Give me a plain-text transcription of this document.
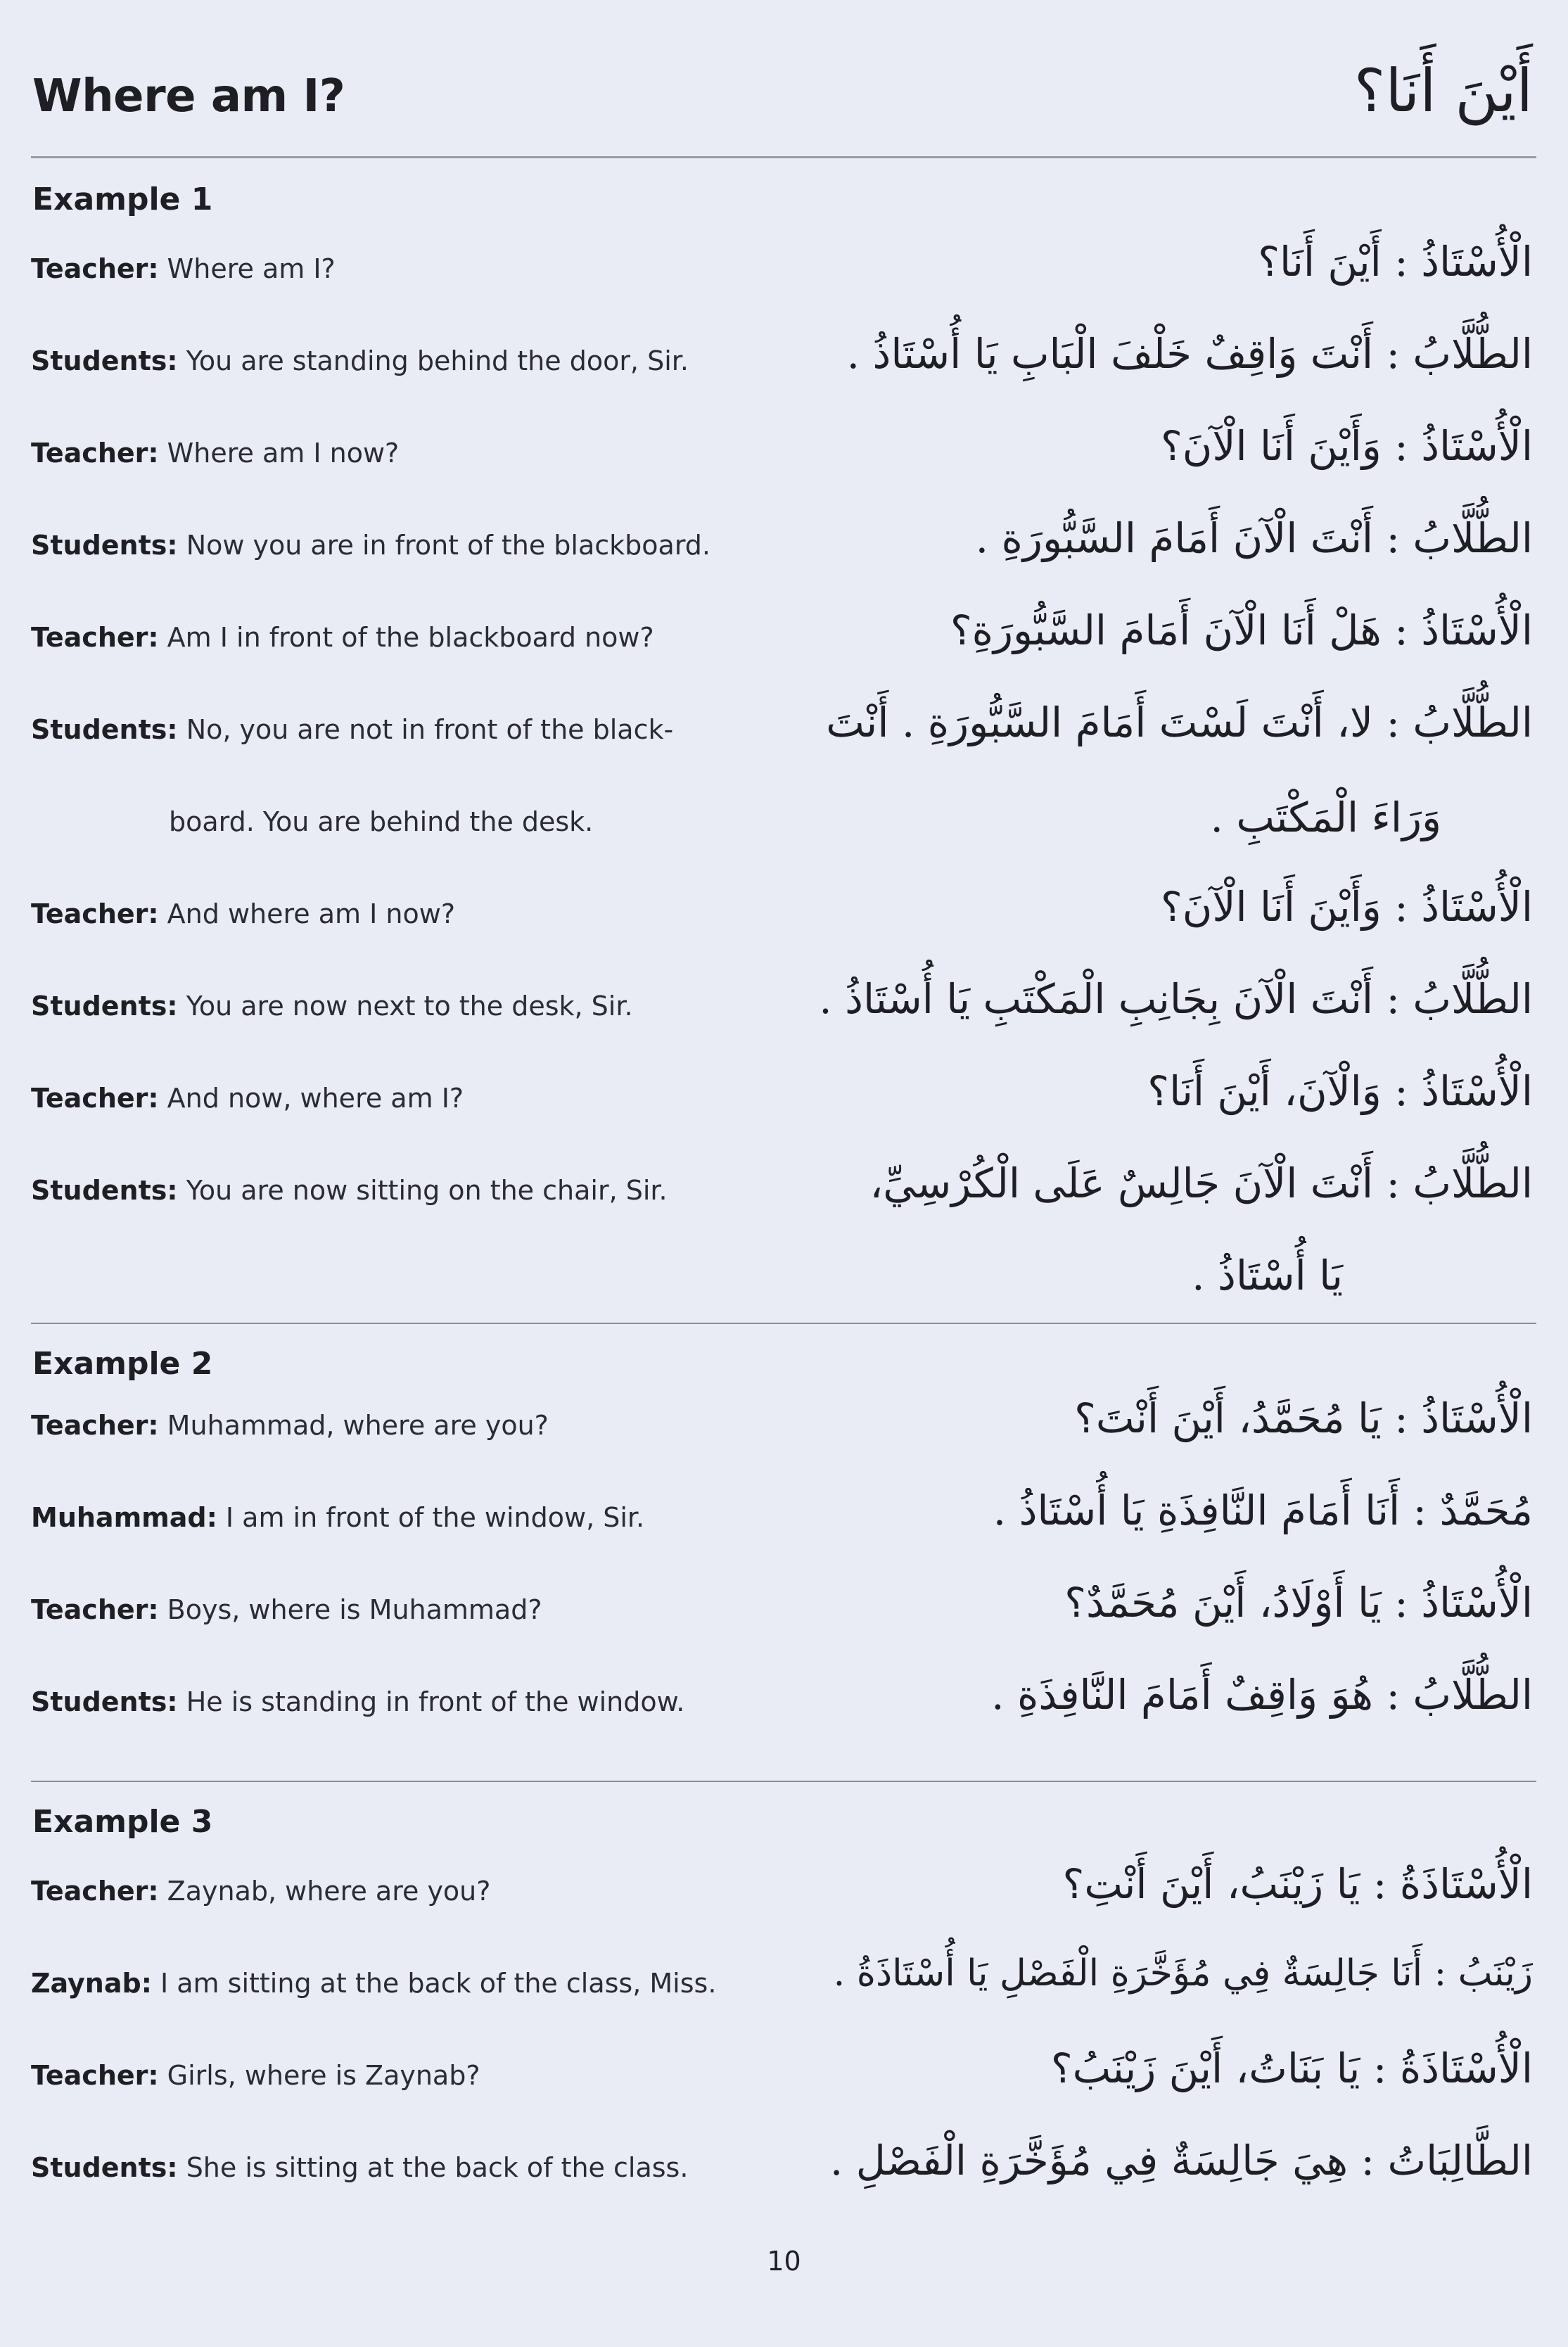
Where am I?	أَيْنَ أَنَا؟
Example 1
Teacher: Where am I?	الْأُسْتَاذُ : أَيْنَ أَنَا؟
Students: You are standing behind the door, Sir.	الطُّلَّابُ : أَنْتَ وَاقِفٌ خَلْفَ الْبَابِ يَا أُسْتَاذُ .
Teacher: Where am I now?	الْأُسْتَاذُ : وَأَيْنَ أَنَا الْآنَ؟
Students: Now you are in front of the blackboard.	الطُّلَّابُ : أَنْتَ الْآنَ أَمَامَ السَّبُّورَةِ .
Teacher: Am I in front of the blackboard now?	الْأُسْتَاذُ : هَلْ أَنَا الْآنَ أَمَامَ السَّبُّورَةِ؟
Students: No, you are not in front of the black-	الطُّلَّابُ : لا، أَنْتَ لَسْتَ أَمَامَ السَّبُّورَةِ . أَنْتَ
board. You are behind the desk.	وَرَاءَ الْمَكْتَبِ .
Teacher: And where am I now?	الْأُسْتَاذُ : وَأَيْنَ أَنَا الْآنَ؟
Students: You are now next to the desk, Sir.	الطُّلَّابُ : أَنْتَ الْآنَ بِجَانِبِ الْمَكْتَبِ يَا أُسْتَاذُ .
Teacher: And now, where am I?	الْأُسْتَاذُ : وَالْآنَ، أَيْنَ أَنَا؟
Students: You are now sitting on the chair, Sir.	الطُّلَّابُ : أَنْتَ الْآنَ جَالِسٌ عَلَى الْكُرْسِيِّ،
يَا أُسْتَاذُ .
Example 2
Teacher: Muhammad, where are you?	الْأُسْتَاذُ : يَا مُحَمَّدُ، أَيْنَ أَنْتَ؟
Muhammad: I am in front of the window, Sir.	مُحَمَّدٌ : أَنَا أَمَامَ النَّافِذَةِ يَا أُسْتَاذُ .
Teacher: Boys, where is Muhammad?	الْأُسْتَاذُ : يَا أَوْلَادُ، أَيْنَ مُحَمَّدٌ؟
Students: He is standing in front of the window.	الطُّلَّابُ : هُوَ وَاقِفٌ أَمَامَ النَّافِذَةِ .
Example 3
Teacher: Zaynab, where are you?	الْأُسْتَاذَةُ : يَا زَيْنَبُ، أَيْنَ أَنْتِ؟
Zaynab: I am sitting at the back of the class, Miss.	زَيْنَبُ : أَنَا جَالِسَةٌ فِي مُؤَخَّرَةِ الْفَصْلِ يَا أُسْتَاذَةُ .
Teacher: Girls, where is Zaynab?	الْأُسْتَاذَةُ : يَا بَنَاتُ، أَيْنَ زَيْنَبُ؟
Students: She is sitting at the back of the class.	الطَّالِبَاتُ : هِيَ جَالِسَةٌ فِي مُؤَخَّرَةِ الْفَصْلِ .
10
